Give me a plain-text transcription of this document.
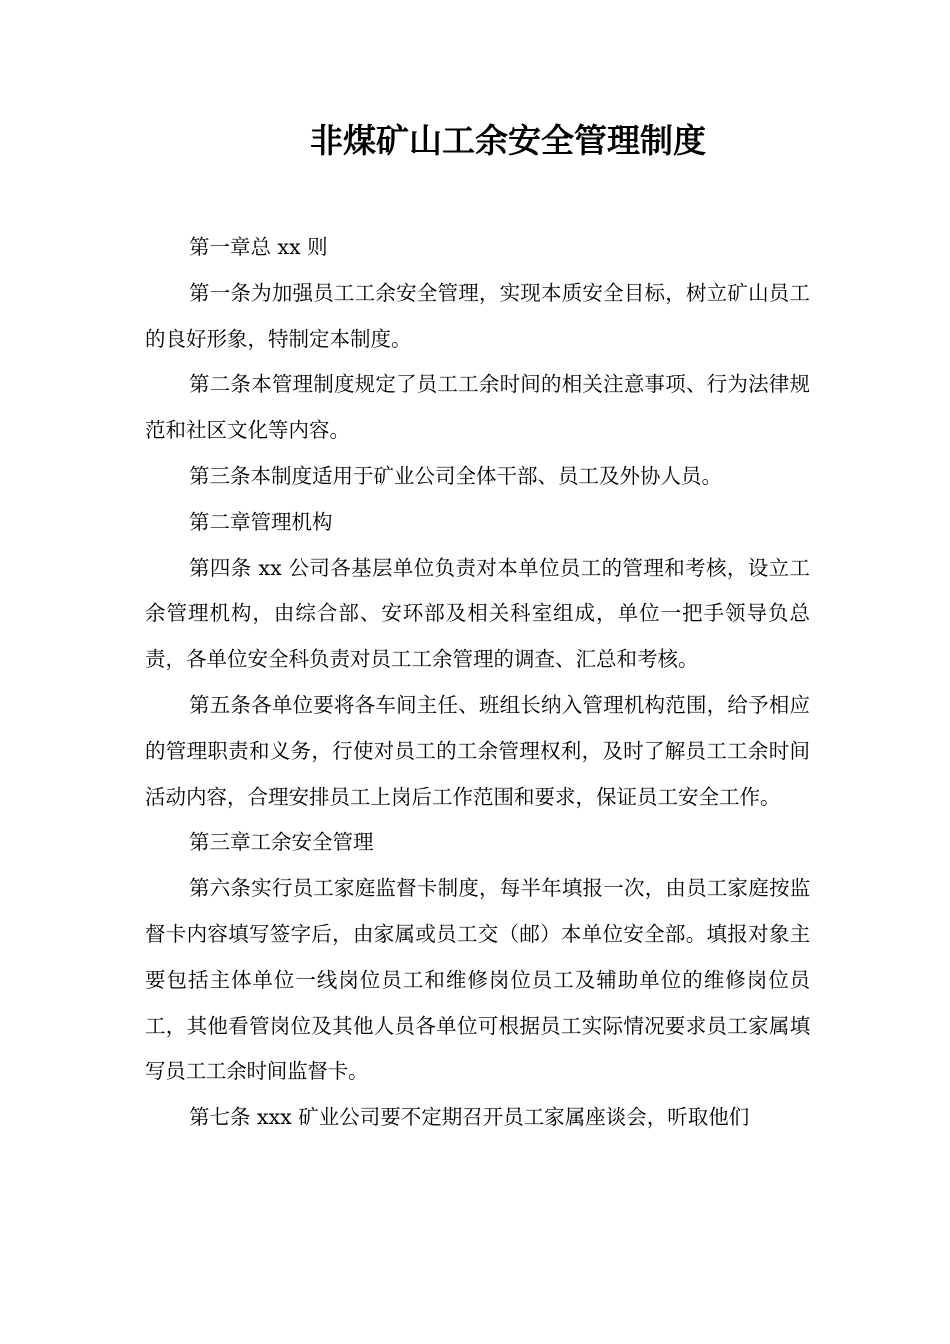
非煤矿山工余安全管理制度

第一章总 xx 则

第一条为加强员工工余安全管理，实现本质安全目标，树立矿山员工的良好形象，特制定本制度。

第二条本管理制度规定了员工工余时间的相关注意事项、行为法律规范和社区文化等内容。

第三条本制度适用于矿业公司全体干部、员工及外协人员。

第二章管理机构

第四条 xx 公司各基层单位负责对本单位员工的管理和考核，设立工余管理机构，由综合部、安环部及相关科室组成，单位一把手领导负总责，各单位安全科负责对员工工余管理的调查、汇总和考核。

第五条各单位要将各车间主任、班组长纳入管理机构范围，给予相应的管理职责和义务，行使对员工的工余管理权利，及时了解员工工余时间活动内容，合理安排员工上岗后工作范围和要求，保证员工安全工作。

第三章工余安全管理

第六条实行员工家庭监督卡制度，每半年填报一次，由员工家庭按监督卡内容填写签字后，由家属或员工交（邮）本单位安全部。填报对象主要包括主体单位一线岗位员工和维修岗位员工及辅助单位的维修岗位员工，其他看管岗位及其他人员各单位可根据员工实际情况要求员工家属填写员工工余时间监督卡。

第七条 xxx 矿业公司要不定期召开员工家属座谈会，听取他们
